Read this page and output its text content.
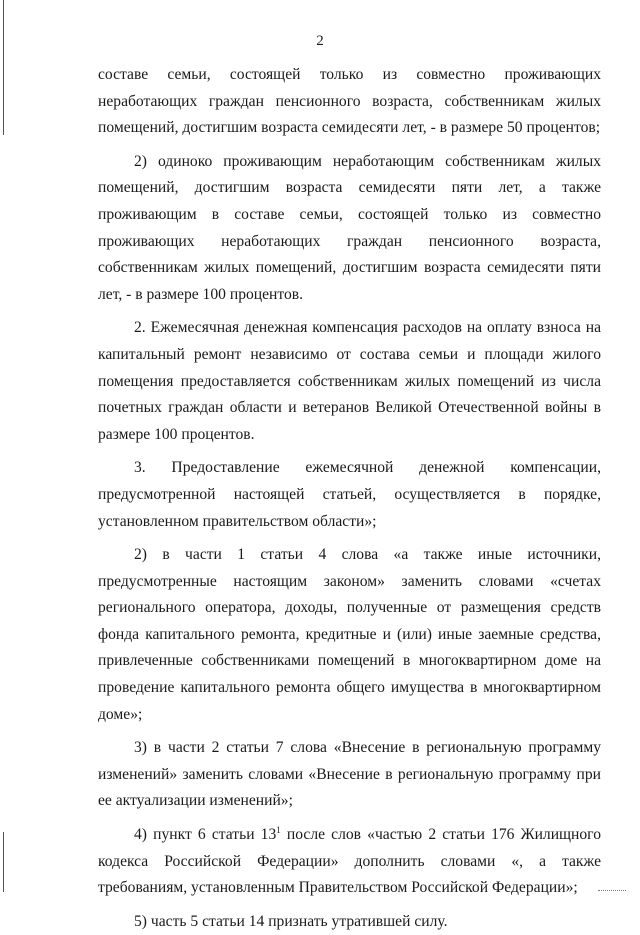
2

составе семьи, состоящей только из совместно проживающих неработающих граждан пенсионного возраста, собственникам жилых помещений, достигшим возраста семидесяти лет, - в размере 50 процентов;

2) одиноко проживающим неработающим собственникам жилых помещений, достигшим возраста семидесяти пяти лет, а также проживающим в составе семьи, состоящей только из совместно проживающих неработающих граждан пенсионного возраста, собственникам жилых помещений, достигшим возраста семидесяти пяти лет, - в размере 100 процентов.

2. Ежемесячная денежная компенсация расходов на оплату взноса на капитальный ремонт независимо от состава семьи и площади жилого помещения предоставляется собственникам жилых помещений из числа почетных граждан области и ветеранов Великой Отечественной войны в размере 100 процентов.

3. Предоставление ежемесячной денежной компенсации, предусмотренной настоящей статьей, осуществляется в порядке, установленном правительством области»;

2) в части 1 статьи 4 слова «а также иные источники, предусмотренные настоящим законом» заменить словами «счетах регионального оператора, доходы, полученные от размещения средств фонда капитального ремонта, кредитные и (или) иные заемные средства, привлеченные собственниками помещений в многоквартирном доме на проведение капитального ремонта общего имущества в многоквартирном доме»;

3) в части 2 статьи 7 слова «Внесение в региональную программу изменений» заменить словами «Внесение в региональную программу при ее актуализации изменений»;

4) пункт 6 статьи $13^1$ после слов «частью 2 статьи 176 Жилищного кодекса Российской Федерации» дополнить словами «, а также требованиям, установленным Правительством Российской Федерации»;

5) часть 5 статьи 14 признать утратившей силу.
